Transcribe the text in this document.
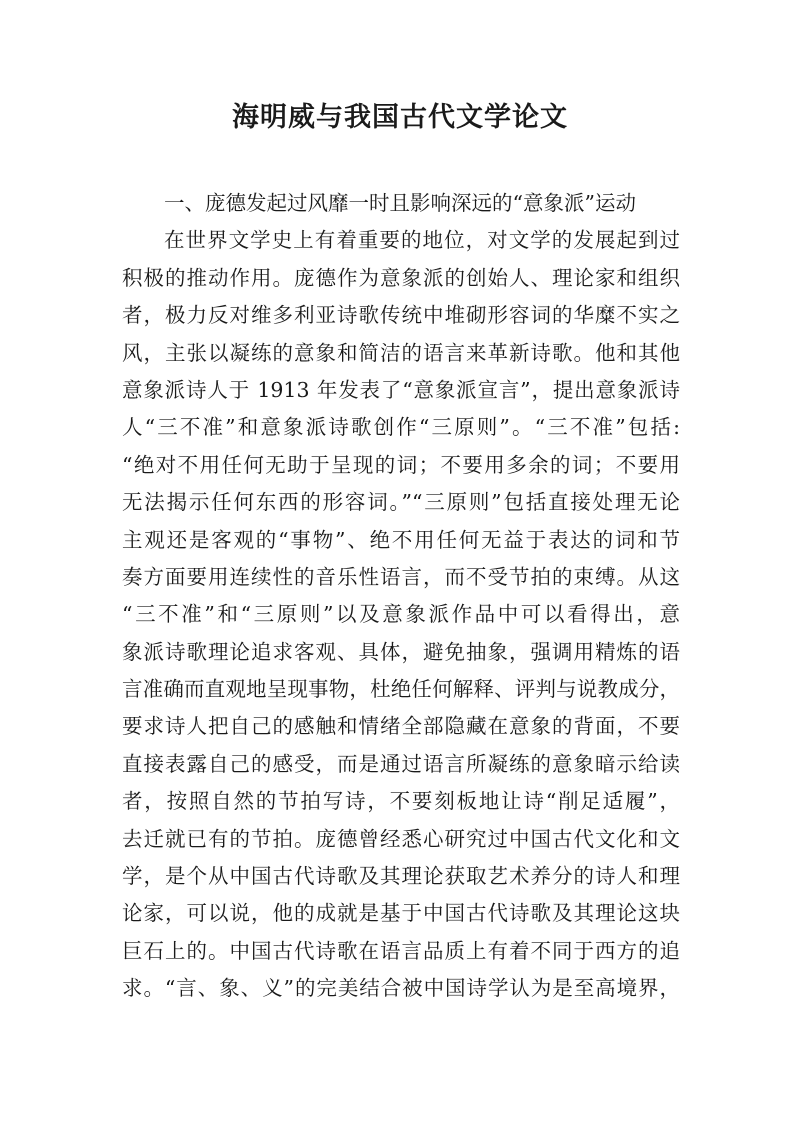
海明威与我国古代文学论文
一、庞德发起过风靡一时且影响深远的“意象派”运动
在世界文学史上有着重要的地位，对文学的发展起到过
积极的推动作用。庞德作为意象派的创始人、理论家和组织
者，极力反对维多利亚诗歌传统中堆砌形容词的华糜不实之
风，主张以凝练的意象和简洁的语言来革新诗歌。他和其他
意象派诗人于 1913 年发表了“意象派宣言”，提出意象派诗
人“三不准”和意象派诗歌创作“三原则”。“三不准”包括:
“绝对不用任何无助于呈现的词；不要用多余的词；不要用
无法揭示任何东西的形容词。”“三原则”包括直接处理无论
主观还是客观的“事物”、绝不用任何无益于表达的词和节
奏方面要用连续性的音乐性语言，而不受节拍的束缚。从这
“三不准”和“三原则”以及意象派作品中可以看得出，意
象派诗歌理论追求客观、具体，避免抽象，强调用精炼的语
言准确而直观地呈现事物，杜绝任何解释、评判与说教成分，
要求诗人把自己的感触和情绪全部隐藏在意象的背面，不要
直接表露自己的感受，而是通过语言所凝练的意象暗示给读
者，按照自然的节拍写诗，不要刻板地让诗“削足适履”，
去迁就已有的节拍。庞德曾经悉心研究过中国古代文化和文
学，是个从中国古代诗歌及其理论获取艺术养分的诗人和理
论家，可以说，他的成就是基于中国古代诗歌及其理论这块
巨石上的。中国古代诗歌在语言品质上有着不同于西方的追
求。“言、象、义”的完美结合被中国诗学认为是至高境界，
